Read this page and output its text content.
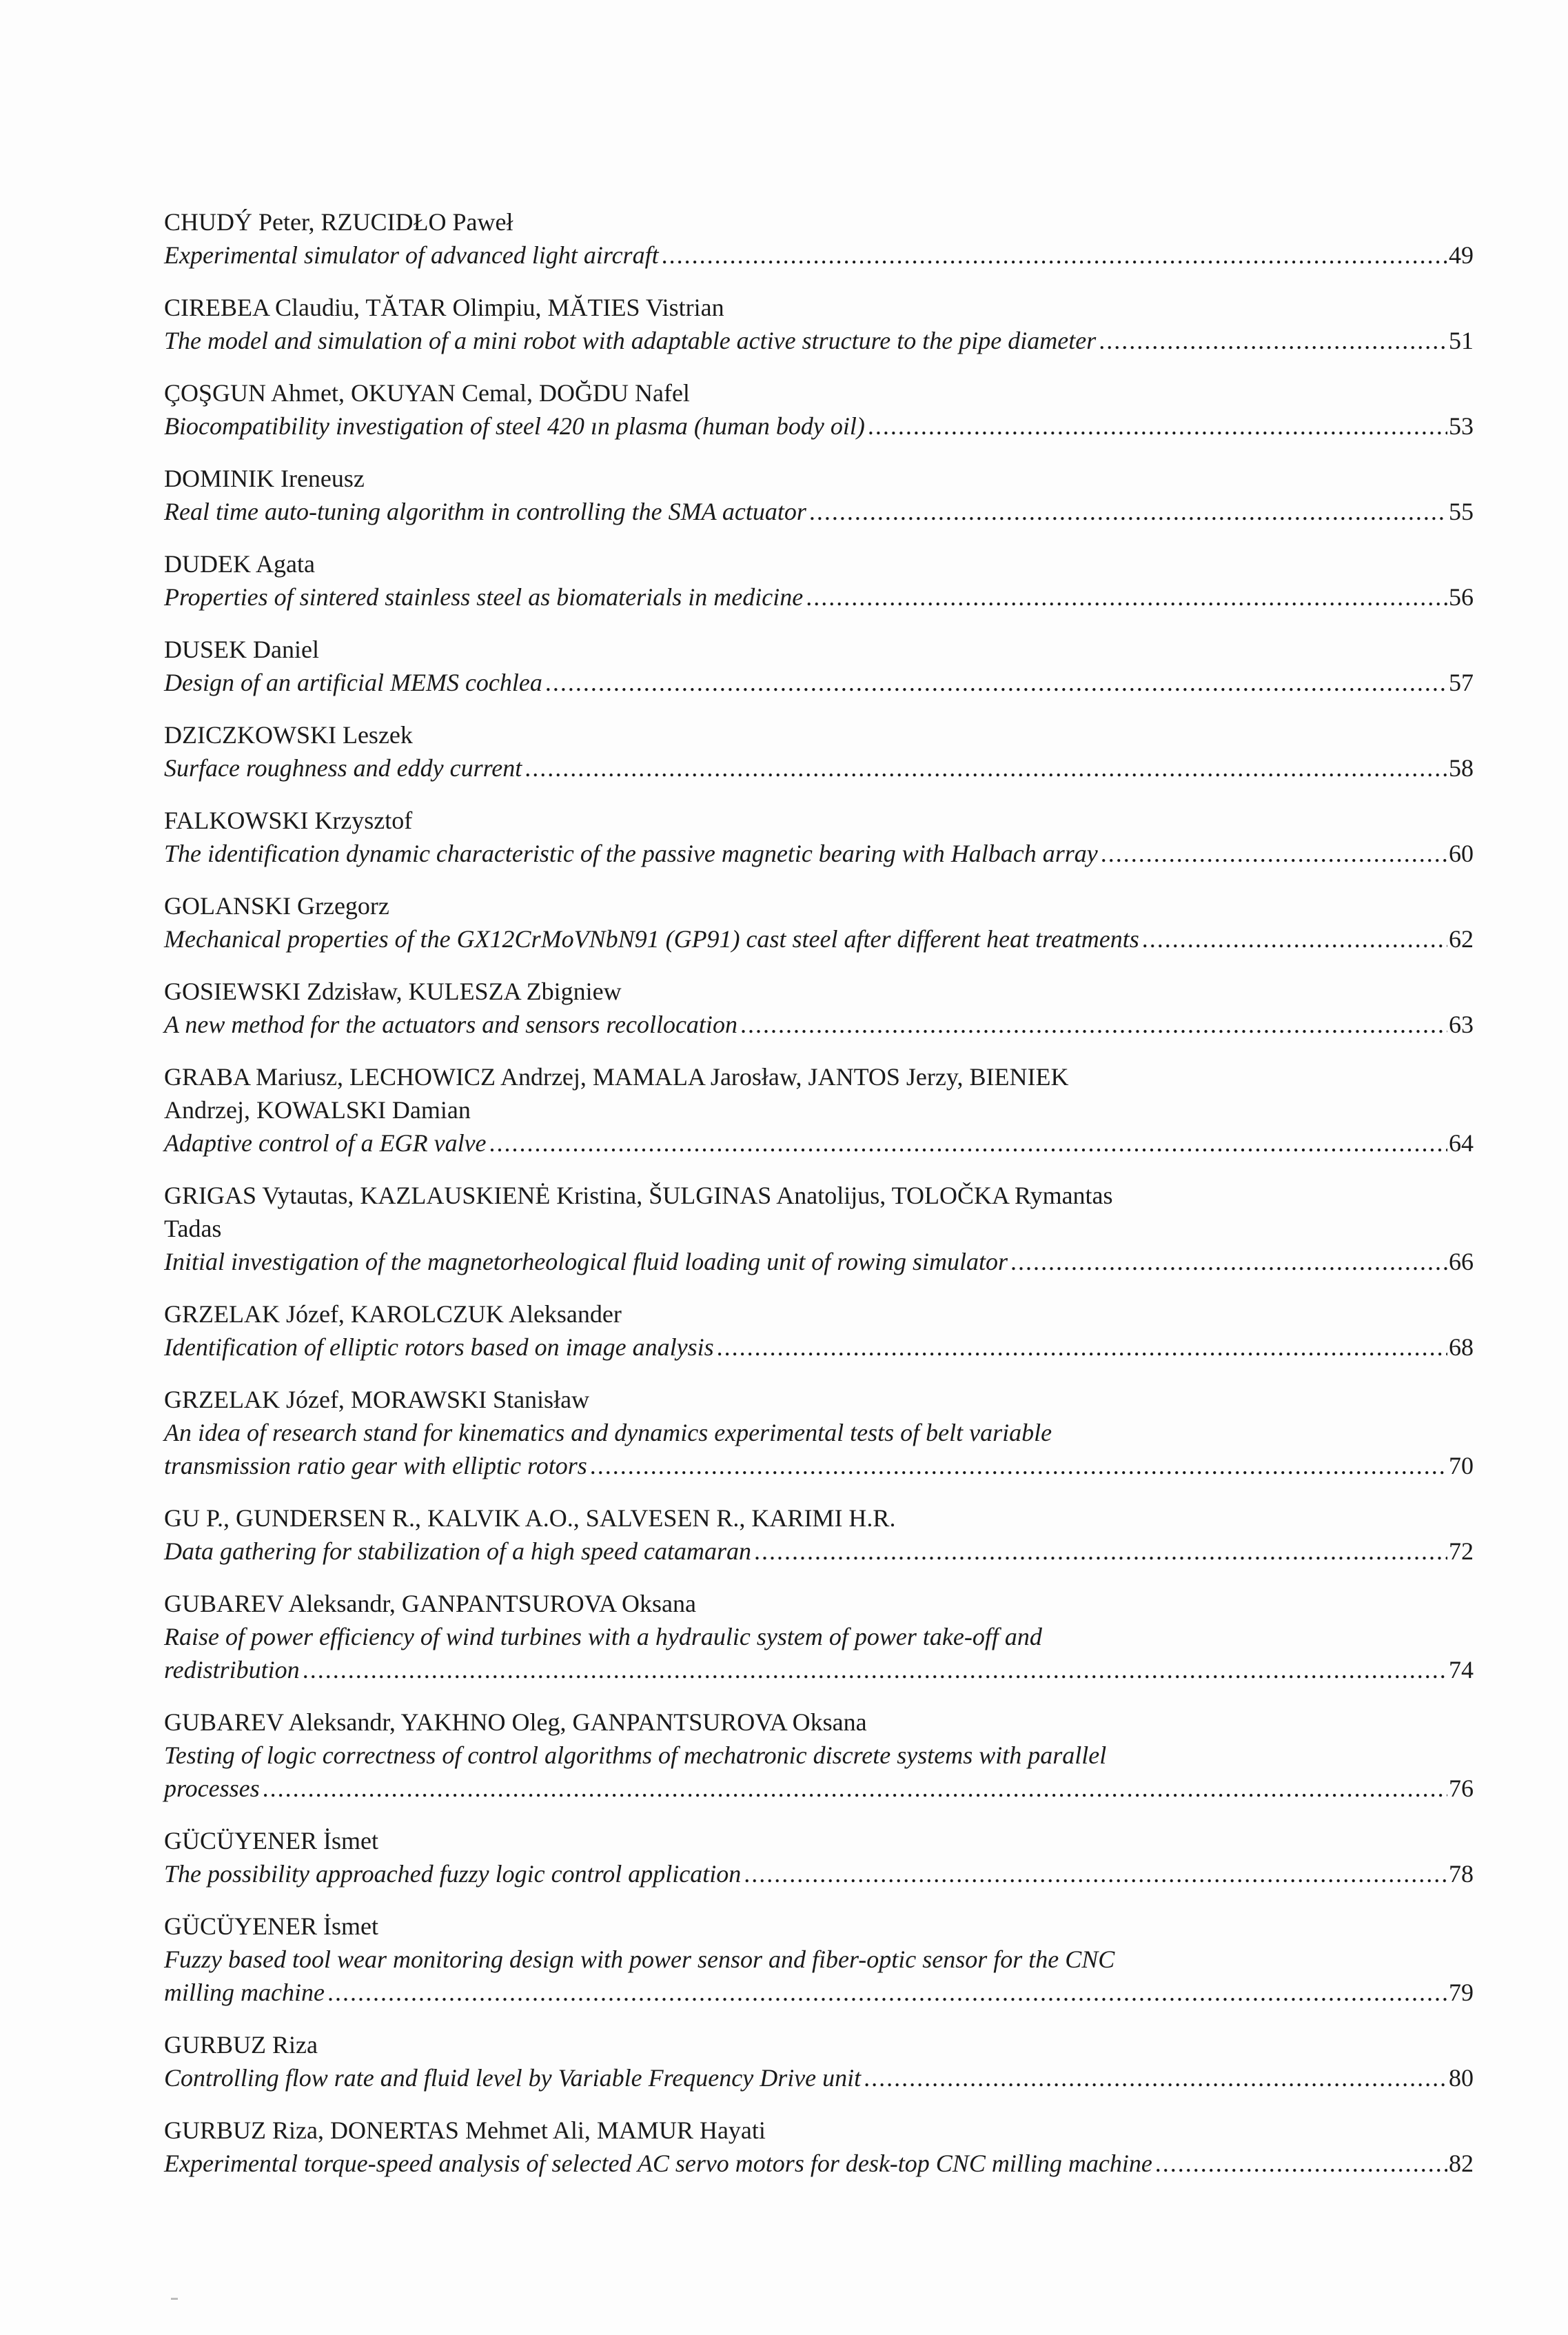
CHUDÝ Peter, RZUCIDŁO Paweł
Experimental simulator of advanced light aircraft .....	49
CIREBEA Claudiu, TĂTAR Olimpiu, MĂTIES Vistrian
The model and simulation of a mini robot with adaptable active structure to the pipe diameter .....	51
ÇOŞGUN Ahmet, OKUYAN Cemal, DOĞDU Nafel
Biocompatibility investigation of steel 420 ın plasma (human body oil) .....	53
DOMINIK Ireneusz
Real time auto-tuning algorithm in controlling the SMA actuator .....	55
DUDEK Agata
Properties of sintered stainless steel as biomaterials in medicine .....	56
DUSEK Daniel
Design of an artificial MEMS cochlea .....	57
DZICZKOWSKI Leszek
Surface roughness and eddy current .....	58
FALKOWSKI Krzysztof
The identification dynamic characteristic of the passive magnetic bearing with Halbach array .....	60
GOLANSKI Grzegorz
Mechanical properties of the GX12CrMoVNbN91 (GP91) cast steel after different heat treatments .....	62
GOSIEWSKI Zdzisław, KULESZA Zbigniew
A new method for the actuators and sensors recollocation .....	63
GRABA Mariusz, LECHOWICZ Andrzej, MAMALA Jarosław, JANTOS Jerzy, BIENIEK
Andrzej, KOWALSKI Damian
Adaptive control of a EGR valve .....	64
GRIGAS Vytautas, KAZLAUSKIENĖ Kristina, ŠULGINAS Anatolijus, TOLOČKA Rymantas
Tadas
Initial investigation of the magnetorheological fluid loading unit of rowing simulator .....	66
GRZELAK Józef, KAROLCZUK Aleksander
Identification of elliptic rotors based on image analysis .....	68
GRZELAK Józef, MORAWSKI Stanisław
An idea of research stand for kinematics and dynamics experimental tests of belt variable
transmission ratio gear with elliptic rotors .....	70
GU P., GUNDERSEN R., KALVIK A.O., SALVESEN R., KARIMI H.R.
Data gathering for stabilization of a high speed catamaran .....	72
GUBAREV Aleksandr, GANPANTSUROVA Oksana
Raise of power efficiency of wind turbines with a hydraulic system of power take-off and
redistribution .....	74
GUBAREV Aleksandr, YAKHNO Oleg, GANPANTSUROVA Oksana
Testing of logic correctness of control algorithms of mechatronic discrete systems with parallel
processes .....	76
GÜCÜYENER İsmet
The possibility approached fuzzy logic control application .....	78
GÜCÜYENER İsmet
Fuzzy based tool wear monitoring design with power sensor and fiber-optic sensor for the CNC
milling machine .....	79
GURBUZ Riza
Controlling flow rate and fluid level by Variable Frequency Drive unit .....	80
GURBUZ Riza, DONERTAS Mehmet Ali, MAMUR Hayati
Experimental torque-speed analysis of selected AC servo motors for desk-top CNC milling machine .....	82
